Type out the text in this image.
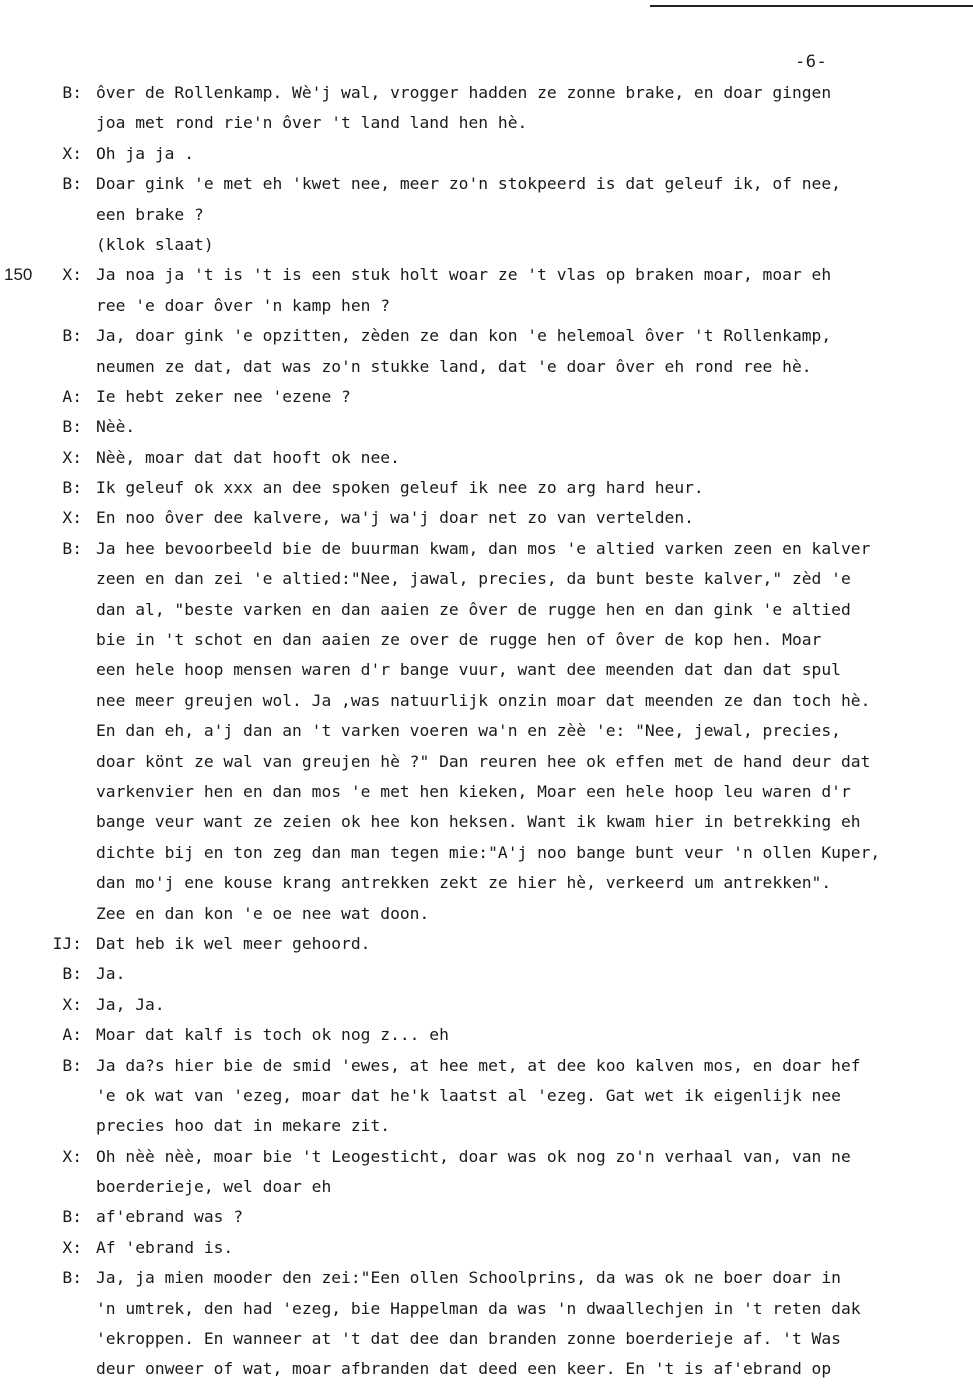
-6-
150
B: ôver de Rollenkamp. Wè'j wal, vrogger hadden ze zonne brake, en doar gingen
joa met rond rie'n ôver 't land land hen hè.
X: Oh ja ja .
B: Doar gink 'e met eh 'kwet nee, meer zo'n stokpeerd is dat geleuf ik, of nee,
een brake ?
(klok slaat)
X: Ja noa ja 't is 't is een stuk holt woar ze 't vlas op braken moar, moar eh
ree 'e doar ôver 'n kamp hen ?
B: Ja, doar gink 'e opzitten, zèden ze dan kon 'e helemoal ôver 't Rollenkamp,
neumen ze dat, dat was zo'n stukke land, dat 'e doar ôver eh rond ree hè.
A: Ie hebt zeker nee 'ezene ?
B: Nèè.
X: Nèè, moar dat dat hooft ok nee.
B: Ik geleuf ok xxx an dee spoken geleuf ik nee zo arg hard heur.
X: En noo ôver dee kalvere, wa'j wa'j doar net zo van vertelden.
B: Ja hee bevoorbeeld bie de buurman kwam, dan mos 'e altied varken zeen en kalver
zeen en dan zei 'e altied:"Nee, jawal, precies, da bunt beste kalver," zèd 'e
dan al, "beste varken en dan aaien ze ôver de rugge hen en dan gink 'e altied
bie in 't schot en dan aaien ze over de rugge hen of ôver de kop hen. Moar
een hele hoop mensen waren d'r bange vuur, want dee meenden dat dan dat spul
nee meer greujen wol. Ja ,was natuurlijk onzin moar dat meenden ze dan toch hè.
En dan eh, a'j dan an 't varken voeren wa'n en zèè 'e: "Nee, jewal, precies,
doar könt ze wal van greujen hè ?" Dan reuren hee ok effen met de hand deur dat
varkenvier hen en dan mos 'e met hen kieken, Moar een hele hoop leu waren d'r
bange veur want ze zeien ok hee kon heksen. Want ik kwam hier in betrekking eh
dichte bij en ton zeg dan man tegen mie:"A'j noo bange bunt veur 'n ollen Kuper,
dan mo'j ene kouse krang antrekken zekt ze hier hè, verkeerd um antrekken".
Zee en dan kon 'e oe nee wat doon.
IJ: Dat heb ik wel meer gehoord.
B: Ja.
X: Ja, Ja.
A: Moar dat kalf is toch ok nog z... eh
B: Ja da?s hier bie de smid 'ewes, at hee met, at dee koo kalven mos, en doar hef
'e ok wat van 'ezeg, moar dat he'k laatst al 'ezeg. Gat wet ik eigenlijk nee
precies hoo dat in mekare zit.
X: Oh nèè nèè, moar bie 't Leogesticht, doar was ok nog zo'n verhaal van, van ne
boerderieje, wel doar eh
B: af'ebrand was ?
X: Af 'ebrand is.
B: Ja, ja mien mooder den zei:"Een ollen Schoolprins, da was ok ne boer doar in
'n umtrek, den had 'ezeg, bie Happelman da was 'n dwaallechjen in 't reten dak
'ekroppen. En wanneer at 't dat dee dan branden zonne boerderieje af. 't Was
deur onweer of wat, moar afbranden dat deed een keer. En 't is af'ebrand op
